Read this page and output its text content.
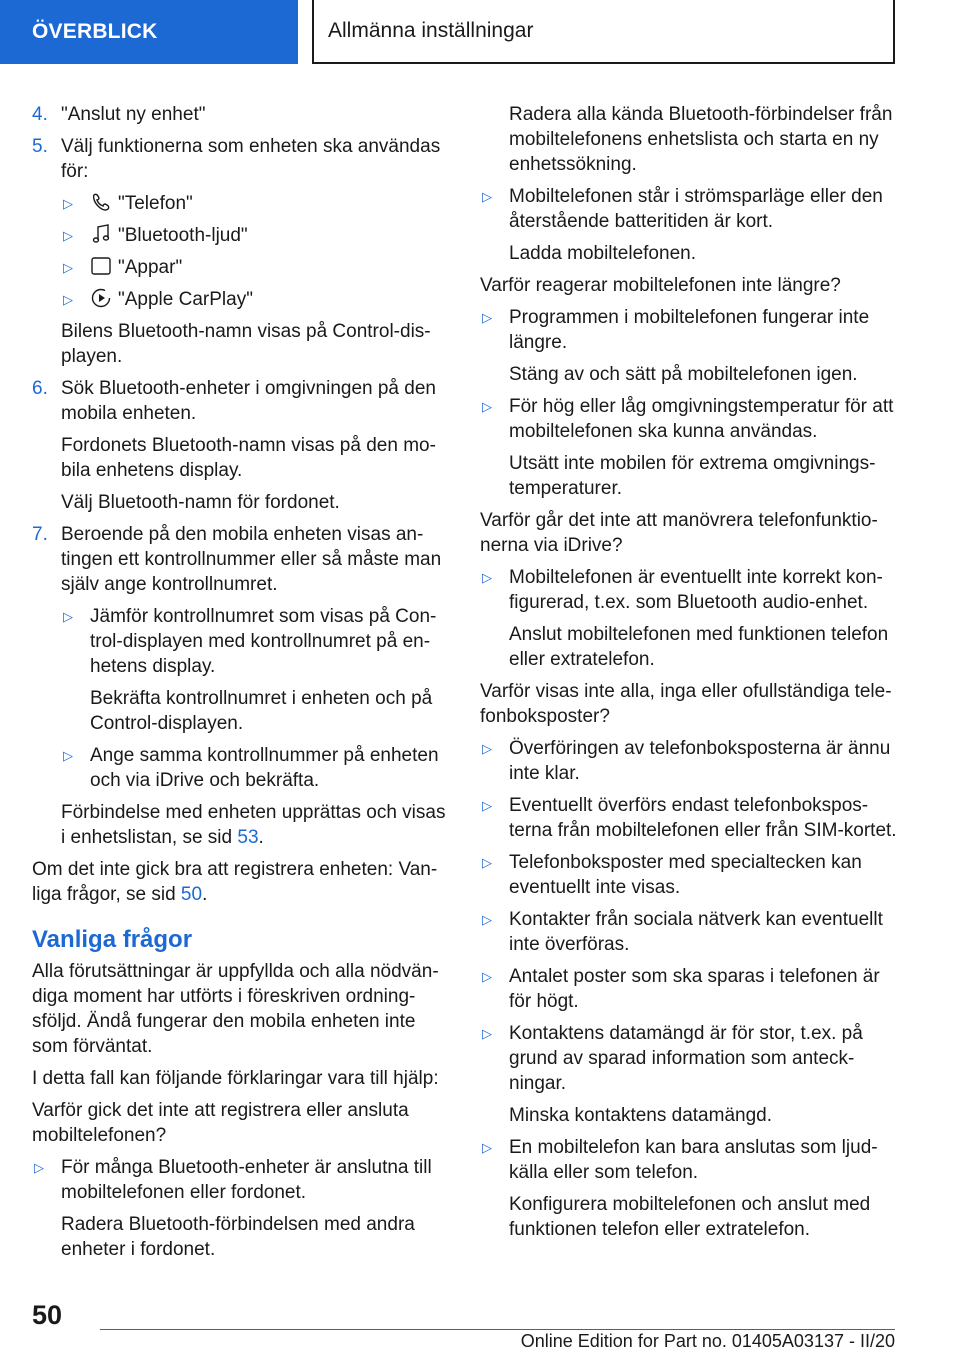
ÖVERBLICK	Allmänna inställningar
4. "Anslut ny enhet"
5. Välj funktionerna som enheten ska användas för:
▷ "Telefon"
▷ "Bluetooth-ljud"
▷ "Appar"
▷ "Apple CarPlay"
Bilens Bluetooth-namn visas på Control-displayen.
6. Sök Bluetooth-enheter i omgivningen på den mobila enheten.
Fordonets Bluetooth-namn visas på den mobila enhetens display.
Välj Bluetooth-namn för fordonet.
7. Beroende på den mobila enheten visas antingen ett kontrollnummer eller så måste man själv ange kontrollnumret.
▷ Jämför kontrollnumret som visas på Control-displayen med kontrollnumret på enhetens display.
Bekräfta kontrollnumret i enheten och på Control-displayen.
▷ Ange samma kontrollnummer på enheten och via iDrive och bekräfta.
Förbindelse med enheten upprättas och visas i enhetslistan, se sid 53.
Om det inte gick bra att registrera enheten: Vanliga frågor, se sid 50.
Vanliga frågor
Alla förutsättningar är uppfyllda och alla nödvändiga moment har utförts i föreskriven ordningsföljd. Ändå fungerar den mobila enheten inte som förväntat.
I detta fall kan följande förklaringar vara till hjälp:
Varför gick det inte att registrera eller ansluta mobiltelefonen?
▷ För många Bluetooth-enheter är anslutna till mobiltelefonen eller fordonet.
Radera Bluetooth-förbindelsen med andra enheter i fordonet.
Radera alla kända Bluetooth-förbindelser från mobiltelefonens enhetslista och starta en ny enhetssökning.
▷ Mobiltelefonen står i strömsparläge eller den återstående batteritiden är kort.
Ladda mobiltelefonen.
Varför reagerar mobiltelefonen inte längre?
▷ Programmen i mobiltelefonen fungerar inte längre.
Stäng av och sätt på mobiltelefonen igen.
▷ För hög eller låg omgivningstemperatur för att mobiltelefonen ska kunna användas.
Utsätt inte mobilen för extrema omgivningstemperaturer.
Varför går det inte att manövrera telefonfunktionerna via iDrive?
▷ Mobiltelefonen är eventuellt inte korrekt konfigurerad, t.ex. som Bluetooth audio-enhet.
Anslut mobiltelefonen med funktionen telefon eller extratelefon.
Varför visas inte alla, inga eller ofullständiga telefonboksposter?
▷ Överföringen av telefonboksposterna är ännu inte klar.
▷ Eventuellt överförs endast telefonboksposterna från mobiltelefonen eller från SIM-kortet.
▷ Telefonboksposter med specialtecken kan eventuellt inte visas.
▷ Kontakter från sociala nätverk kan eventuellt inte överföras.
▷ Antalet poster som ska sparas i telefonen är för högt.
▷ Kontaktens datamängd är för stor, t.ex. på grund av sparad information som anteckningar.
Minska kontaktens datamängd.
▷ En mobiltelefon kan bara anslutas som ljudkälla eller som telefon.
Konfigurera mobiltelefonen och anslut med funktionen telefon eller extratelefon.
50
Online Edition for Part no. 01405A03137 - II/20
